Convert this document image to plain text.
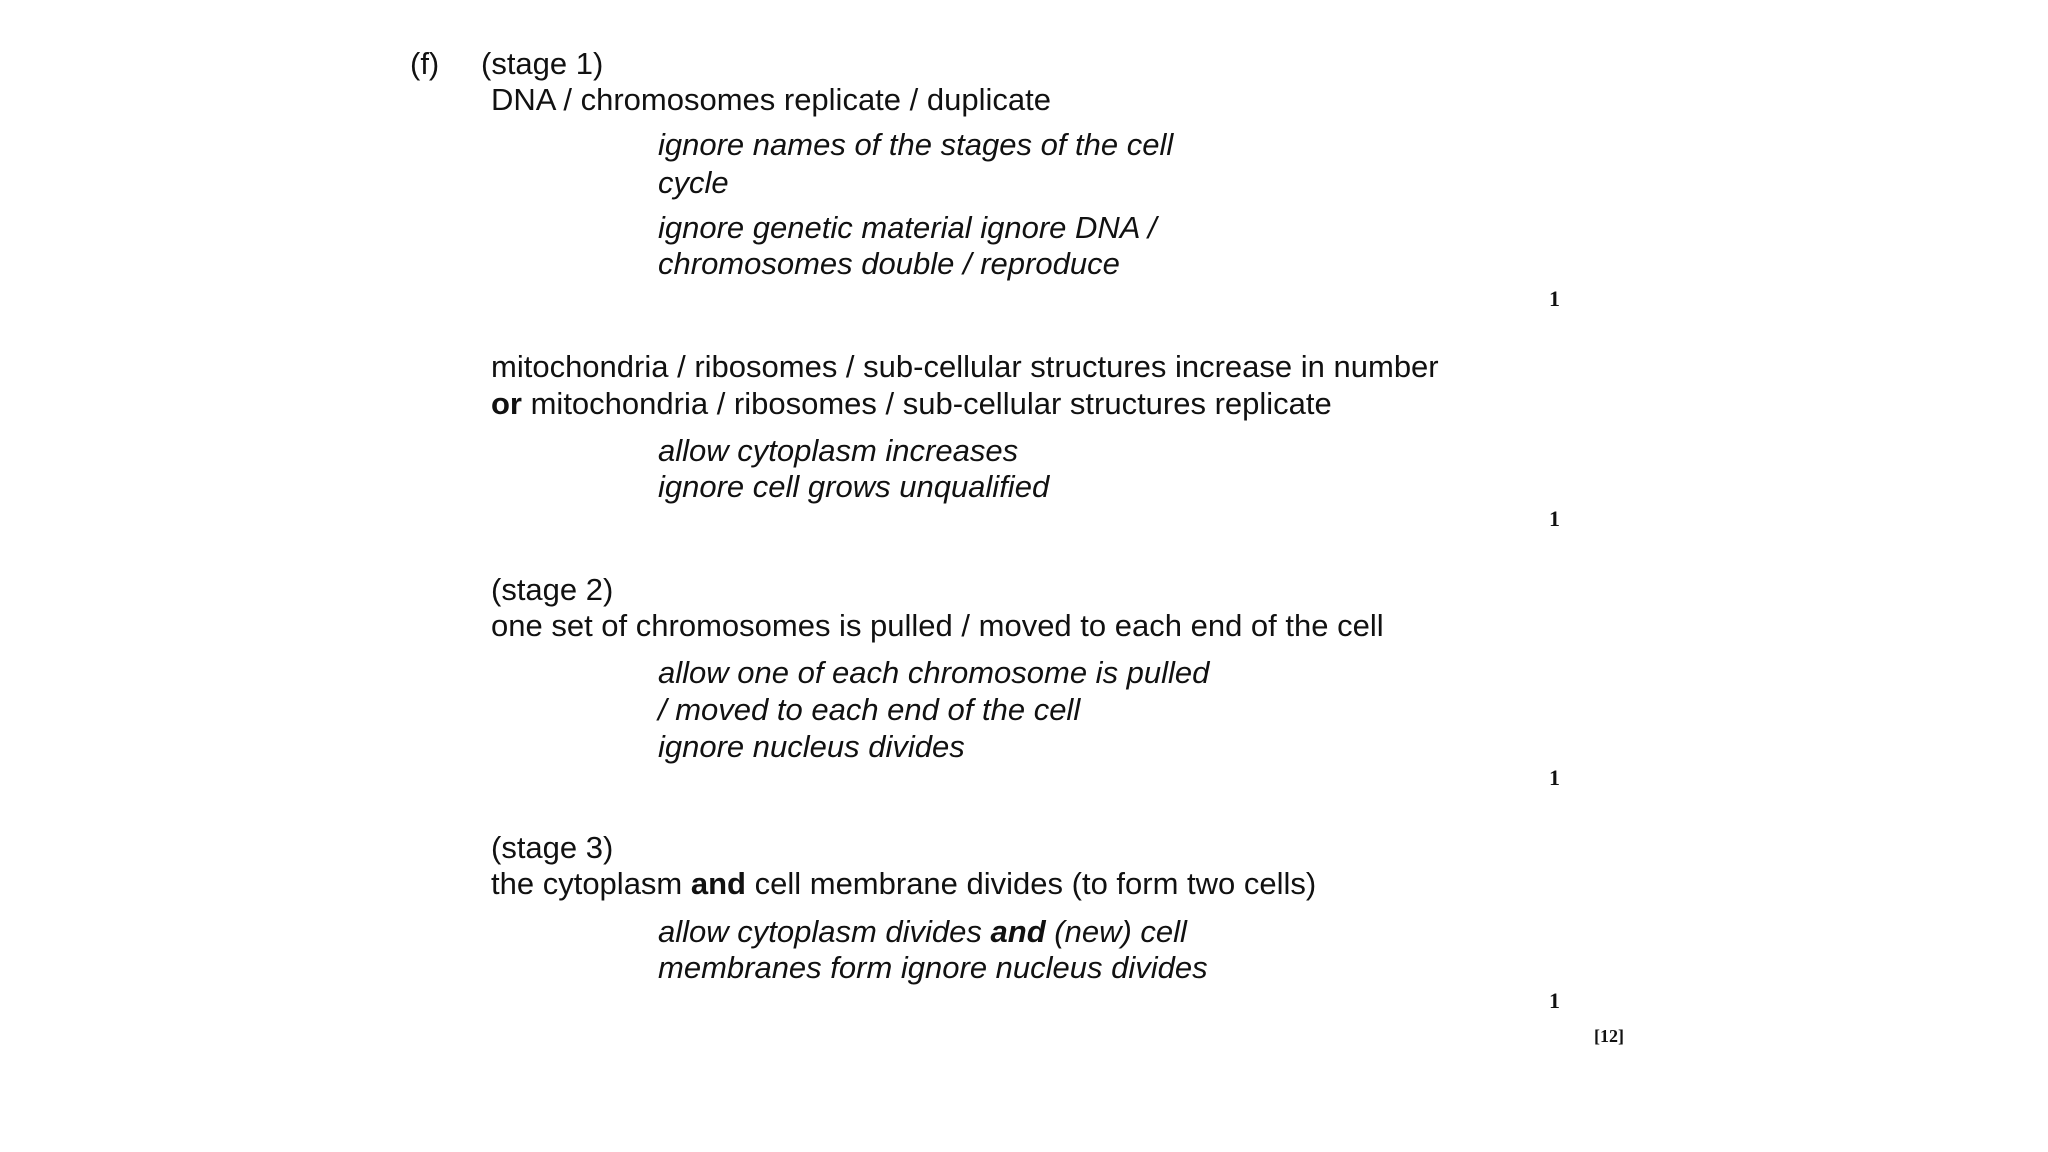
(f) (stage 1)
DNA / chromosomes replicate / duplicate
ignore names of the stages of the cell
cycle
ignore genetic material ignore DNA /
chromosomes double / reproduce
1
mitochondria / ribosomes / sub-cellular structures increase in number
or mitochondria / ribosomes / sub-cellular structures replicate
allow cytoplasm increases
ignore cell grows unqualified
1
(stage 2)
one set of chromosomes is pulled / moved to each end of the cell
allow one of each chromosome is pulled
/ moved to each end of the cell
ignore nucleus divides
1
(stage 3)
the cytoplasm and cell membrane divides (to form two cells)
allow cytoplasm divides and (new) cell
membranes form ignore nucleus divides
1
[12]
